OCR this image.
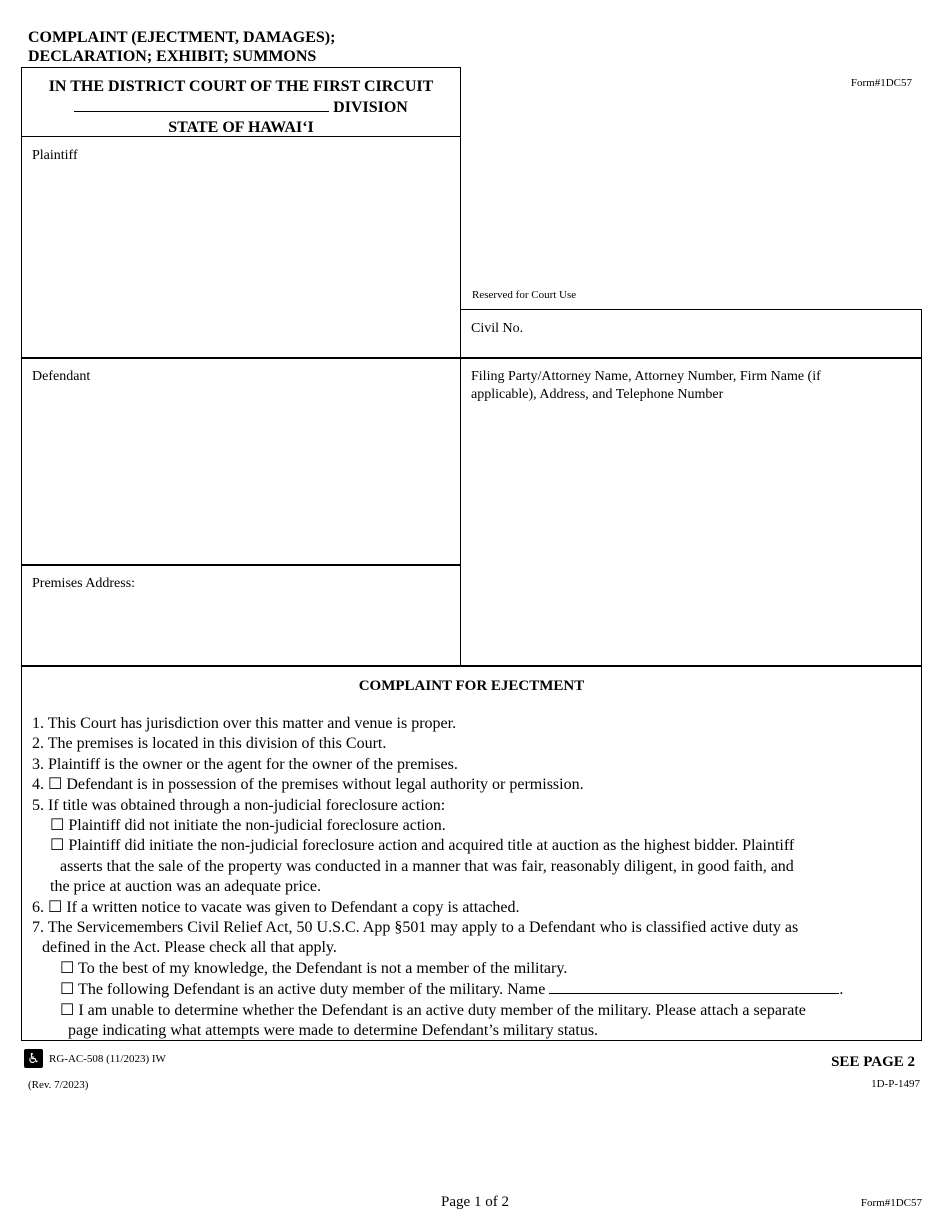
COMPLAINT (EJECTMENT, DAMAGES);
DECLARATION; EXHIBIT; SUMMONS
Form#1DC57
IN THE DISTRICT COURT OF THE FIRST CIRCUIT
DIVISION
STATE OF HAWAIʻI
Plaintiff
Reserved for Court Use
Civil No.
Defendant	Filing Party/Attorney Name, Attorney Number, Firm Name (if
applicable), Address, and Telephone Number
Premises Address:
COMPLAINT FOR EJECTMENT
1. This Court has jurisdiction over this matter and venue is proper.
2. The premises is located in this division of this Court.
3. Plaintiff is the owner or the agent for the owner of the premises.
4. ☐ Defendant is in possession of the premises without legal authority or permission.
5. If title was obtained through a non-judicial foreclosure action:
☐ Plaintiff did not initiate the non-judicial foreclosure action.
☐ Plaintiff did initiate the non-judicial foreclosure action and acquired title at auction as the highest bidder. Plaintiff
asserts that the sale of the property was conducted in a manner that was fair, reasonably diligent, in good faith, and
the price at auction was an adequate price.
6. ☐ If a written notice to vacate was given to Defendant a copy is attached.
7. The Servicemembers Civil Relief Act, 50 U.S.C. App §501 may apply to a Defendant who is classified active duty as
defined in the Act. Please check all that apply.
☐ To the best of my knowledge, the Defendant is not a member of the military.
☐ The following Defendant is an active duty member of the military. Name	.
☐ I am unable to determine whether the Defendant is an active duty member of the military. Please attach a separate
page indicating what attempts were made to determine Defendant’s military status.
♿ RG-AC-508 (11/2023) IW
(Rev. 7/2023)
SEE PAGE 2
1D-P-1497
Page 1 of 2	Form#1DC57
